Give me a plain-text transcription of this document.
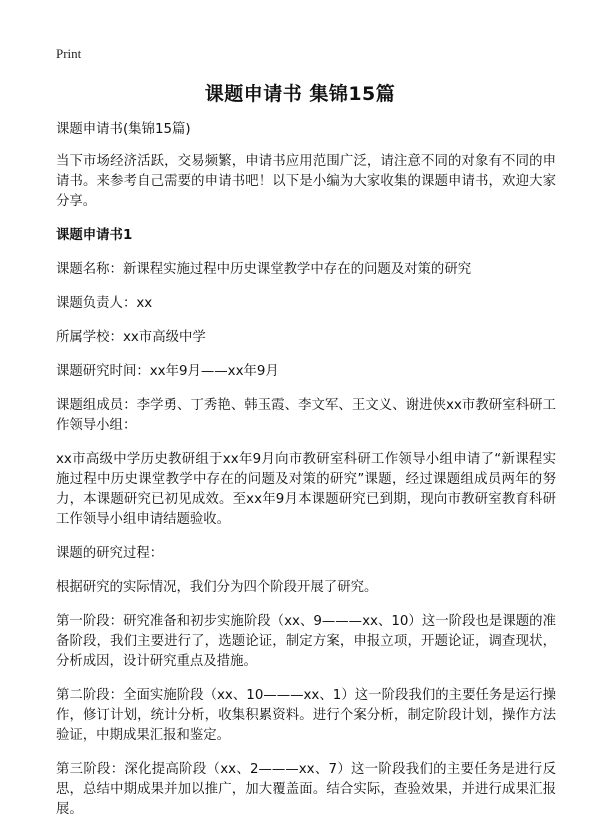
Print
课题申请书 集锦15篇

课题申请书(集锦15篇)

当下市场经济活跃，交易频繁，申请书应用范围广泛，请注意不同的对象有不同的申请书。来参考自己需要的申请书吧！以下是小编为大家收集的课题申请书，欢迎大家分享。

课题申请书1

课题名称：新课程实施过程中历史课堂教学中存在的问题及对策的研究

课题负责人：xx

所属学校：xx市高级中学

课题研究时间：xx年9月——xx年9月

课题组成员：李学勇、丁秀艳、韩玉霞、李文军、王文义、谢进侠xx市教研室科研工作领导小组：

xx市高级中学历史教研组于xx年9月向市教研室科研工作领导小组申请了“新课程实施过程中历史课堂教学中存在的问题及对策的研究”课题，经过课题组成员两年的努力，本课题研究已初见成效。至xx年9月本课题研究已到期，现向市教研室教育科研工作领导小组申请结题验收。

课题的研究过程：

根据研究的实际情况，我们分为四个阶段开展了研究。

第一阶段：研究准备和初步实施阶段（xx、9———xx、10）这一阶段也是课题的准备阶段，我们主要进行了，选题论证，制定方案，申报立项，开题论证，调查现状，分析成因，设计研究重点及措施。

第二阶段：全面实施阶段（xx、10———xx、1）这一阶段我们的主要任务是运行操作，修订计划，统计分析，收集积累资料。进行个案分析，制定阶段计划，操作方法验证，中期成果汇报和鉴定。

第三阶段：深化提高阶段（xx、2———xx、7）这一阶段我们的主要任务是进行反思，总结中期成果并加以推广，加大覆盖面。结合实际，查验效果，并进行成果汇报展。
